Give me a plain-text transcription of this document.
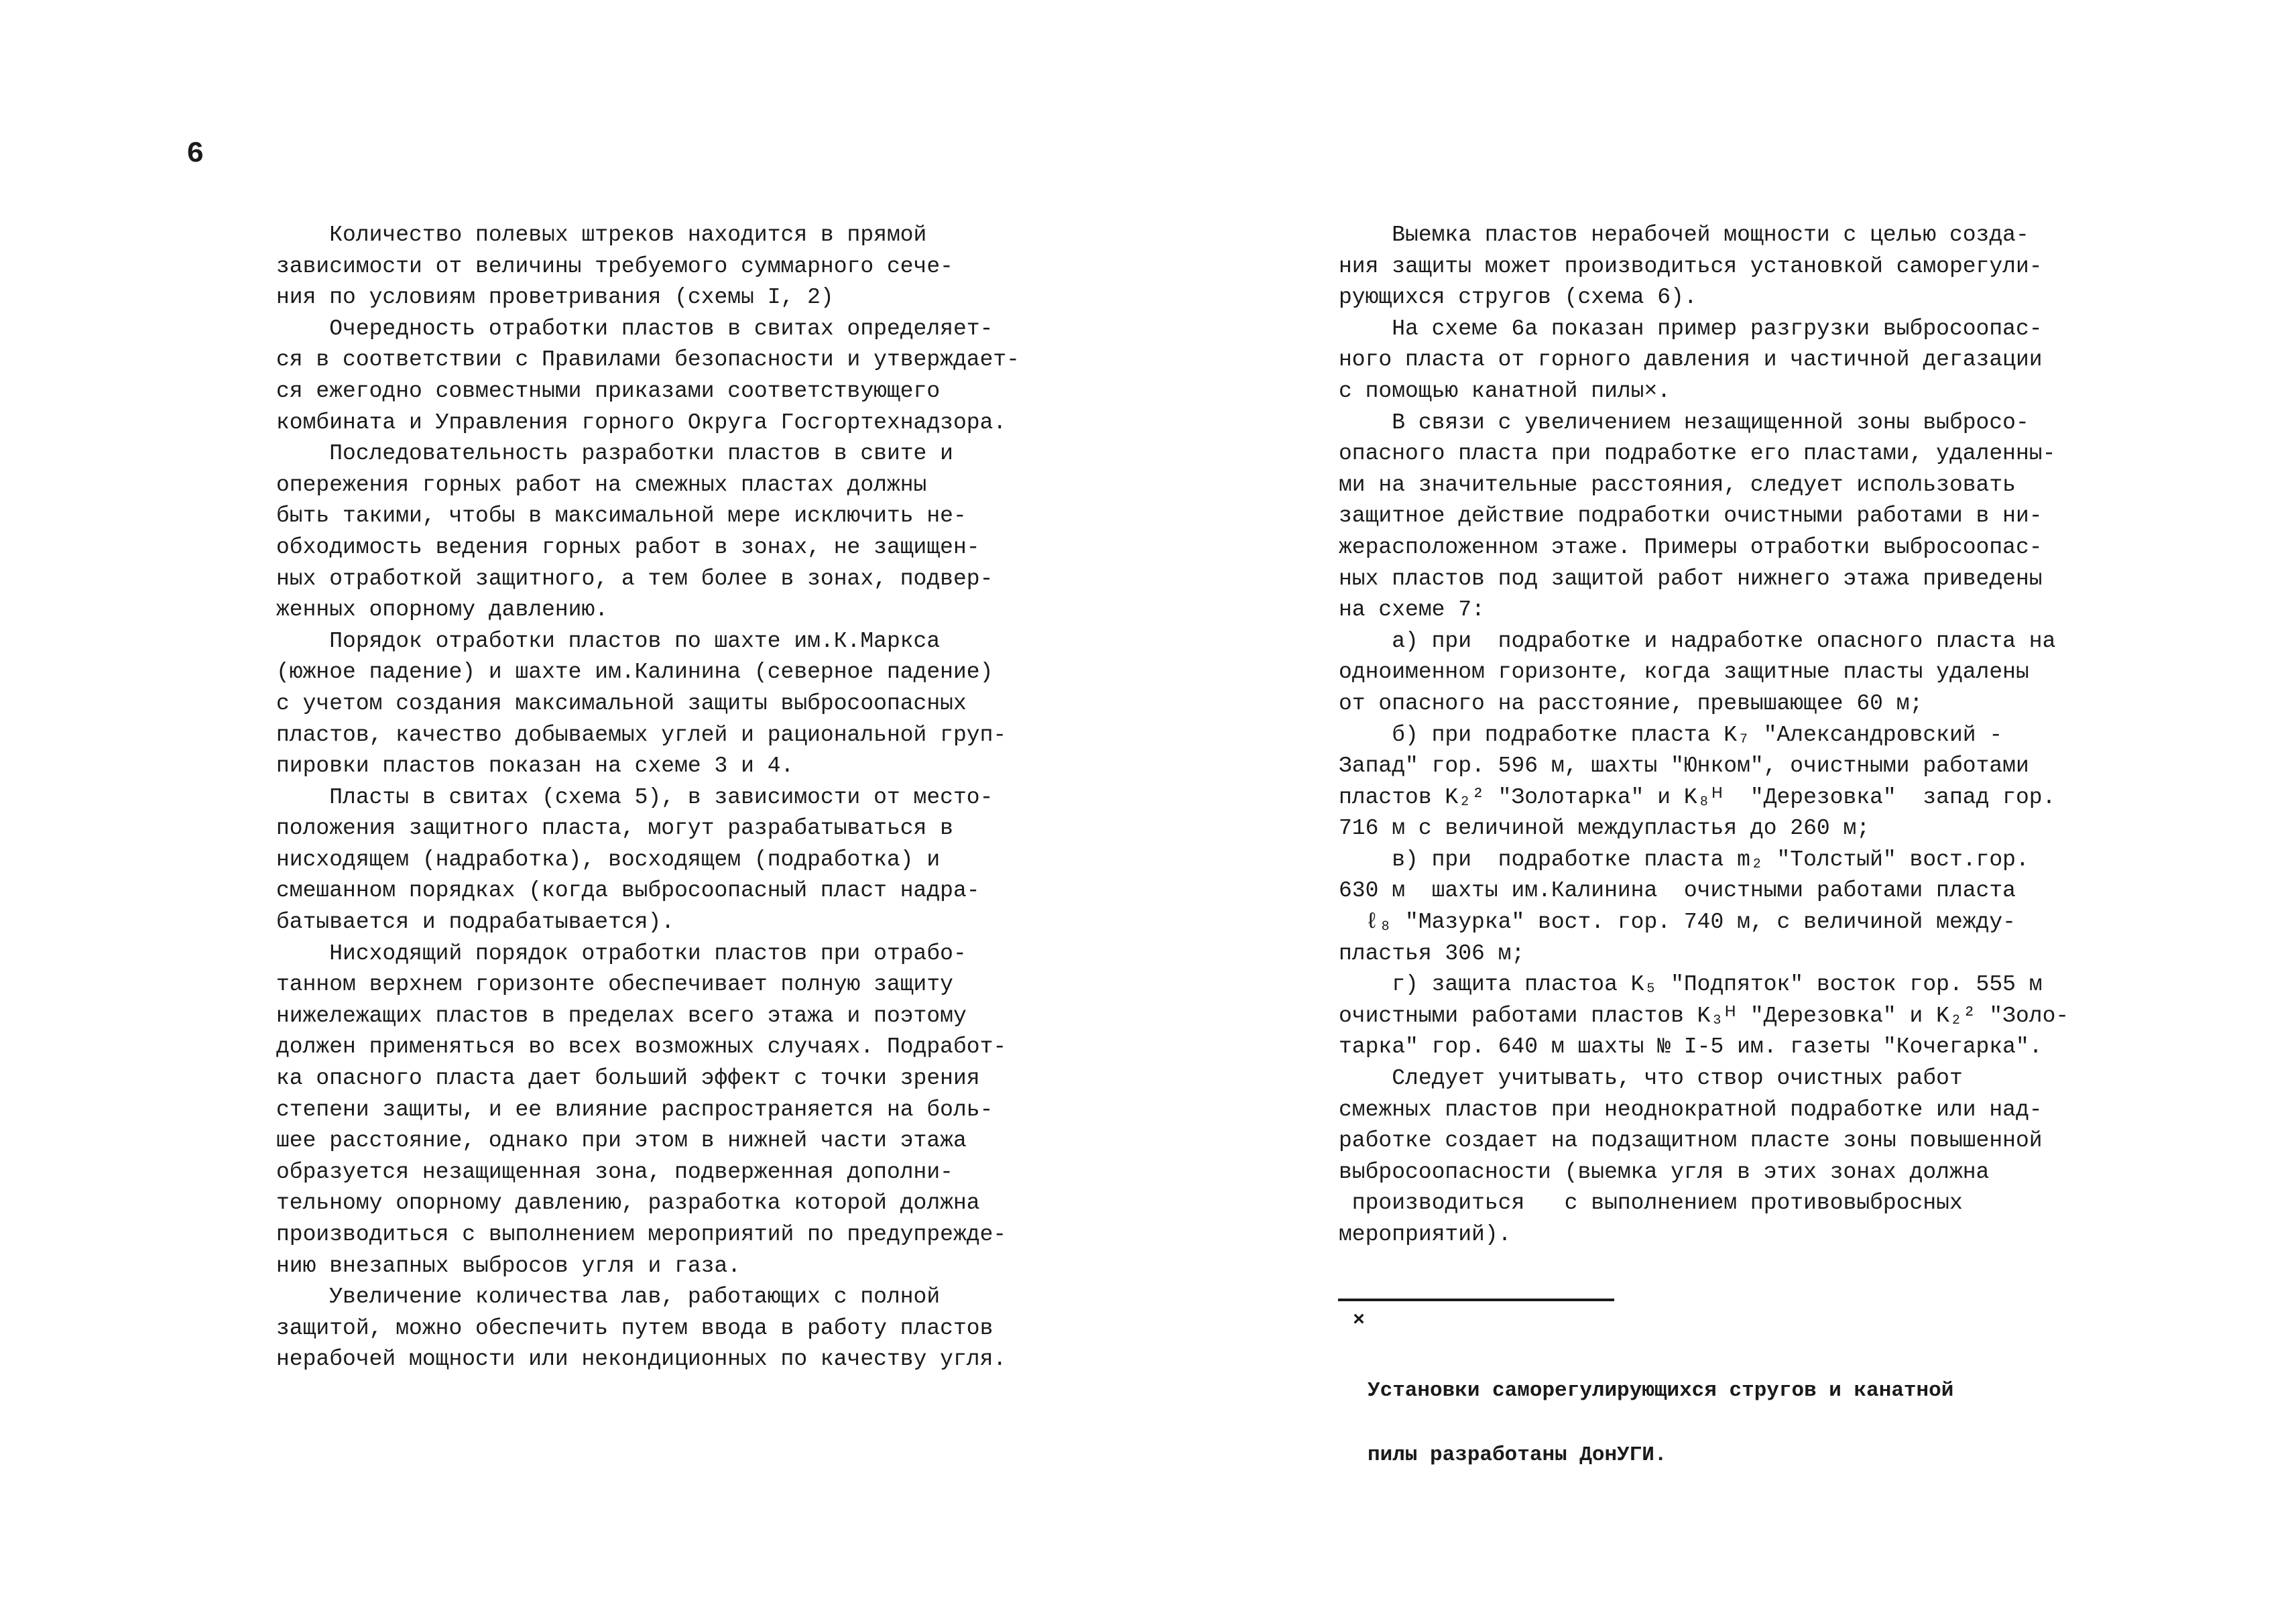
6
Количество полевых штреков находится в прямой
зависимости от величины требуемого суммарного сече-
ния по условиям проветривания (схемы I, 2)
Очередность отработки пластов в свитах определяет-
ся в соответствии с Правилами безопасности и утверждает-
ся ежегодно совместными приказами соответствующего
комбината и Управления горного Округа Госгортехнадзора.
Последовательность разработки пластов в свите и
опережения горных работ на смежных пластах должны
быть такими, чтобы в максимальной мере исключить не-
обходимость ведения горных работ в зонах, не защищен-
ных отработкой защитного, а тем более в зонах, подвер-
женных опорному давлению.
Порядок отработки пластов по шахте им.К.Маркса
(южное падение) и шахте им.Калинина (северное падение)
с учетом создания максимальной защиты выбросоопасных
пластов, качество добываемых углей и рациональной груп-
пировки пластов показан на схеме 3 и 4.
Пласты в свитах (схема 5), в зависимости от место-
положения защитного пласта, могут разрабатываться в
нисходящем (надработка), восходящем (подработка) и
смешанном порядках (когда выбросоопасный пласт надра-
батывается и подрабатывается).
Нисходящий порядок отработки пластов при отрабо-
танном верхнем горизонте обеспечивает полную защиту
нижележащих пластов в пределах всего этажа и поэтому
должен применяться во всех возможных случаях. Подработ-
ка опасного пласта дает больший эффект с точки зрения
степени защиты, и ее влияние распространяется на боль-
шее расстояние, однако при этом в нижней части этажа
образуется незащищенная зона, подверженная дополни-
тельному опорному давлению, разработка которой должна
производиться с выполнением мероприятий по предупрежде-
нию внезапных выбросов угля и газа.
Увеличение количества лав, работающих с полной
защитой, можно обеспечить путем ввода в работу пластов
нерабочей мощности или некондиционных по качеству угля.
Выемка пластов нерабочей мощности с целью созда-
ния защиты может производиться установкой саморегули-
рующихся стругов (схема 6).
На схеме 6а показан пример разгрузки выбросоопас-
ного пласта от горного давления и частичной дегазации
с помощью канатной пилы×.
В связи с увеличением незащищенной зоны выбросо-
опасного пласта при подработке его пластами, удаленны-
ми на значительные расстояния, следует использовать
защитное действие подработки очистными работами в ни-
жерасположенном этаже. Примеры отработки выбросоопас-
ных пластов под защитой работ нижнего этажа приведены
на схеме 7:
а) при  подработке и надработке опасного пласта на
одноименном горизонте, когда защитные пласты удалены
от опасного на расстояние, превышающее 60 м;
б) при подработке пласта K₇ "Александровский -
Запад" гор. 596 м, шахты "Юнком", очистными работами
пластов K₂² "Золотарка" и K₈ᴴ  "Дерезовка"  запад гор.
716 м с величиной междупластья до 260 м;
в) при  подработке пласта m₂ "Толстый" вост.гор.
630 м  шахты им.Калинина  очистными работами пласта
ℓ₈ "Мазурка" вост. гор. 740 м, с величиной между-
пластья 306 м;
г) защита пластоа K₅ "Подпяток" восток гор. 555 м
очистными работами пластов K₃ᴴ "Дерезовка" и K₂² "Золо-
тарка" гор. 640 м шахты № I-5 им. газеты "Кочегарка".
Следует учитывать, что створ очистных работ
смежных пластов при неоднократной подработке или над-
работке создает на подзащитном пласте зоны повышенной
выбросоопасности (выемка угля в этих зонах должна
производиться   с выполнением противовыбросных
мероприятий).
×

Установки саморегулирующихся стругов и канатной

пилы разработаны ДонУГИ.
